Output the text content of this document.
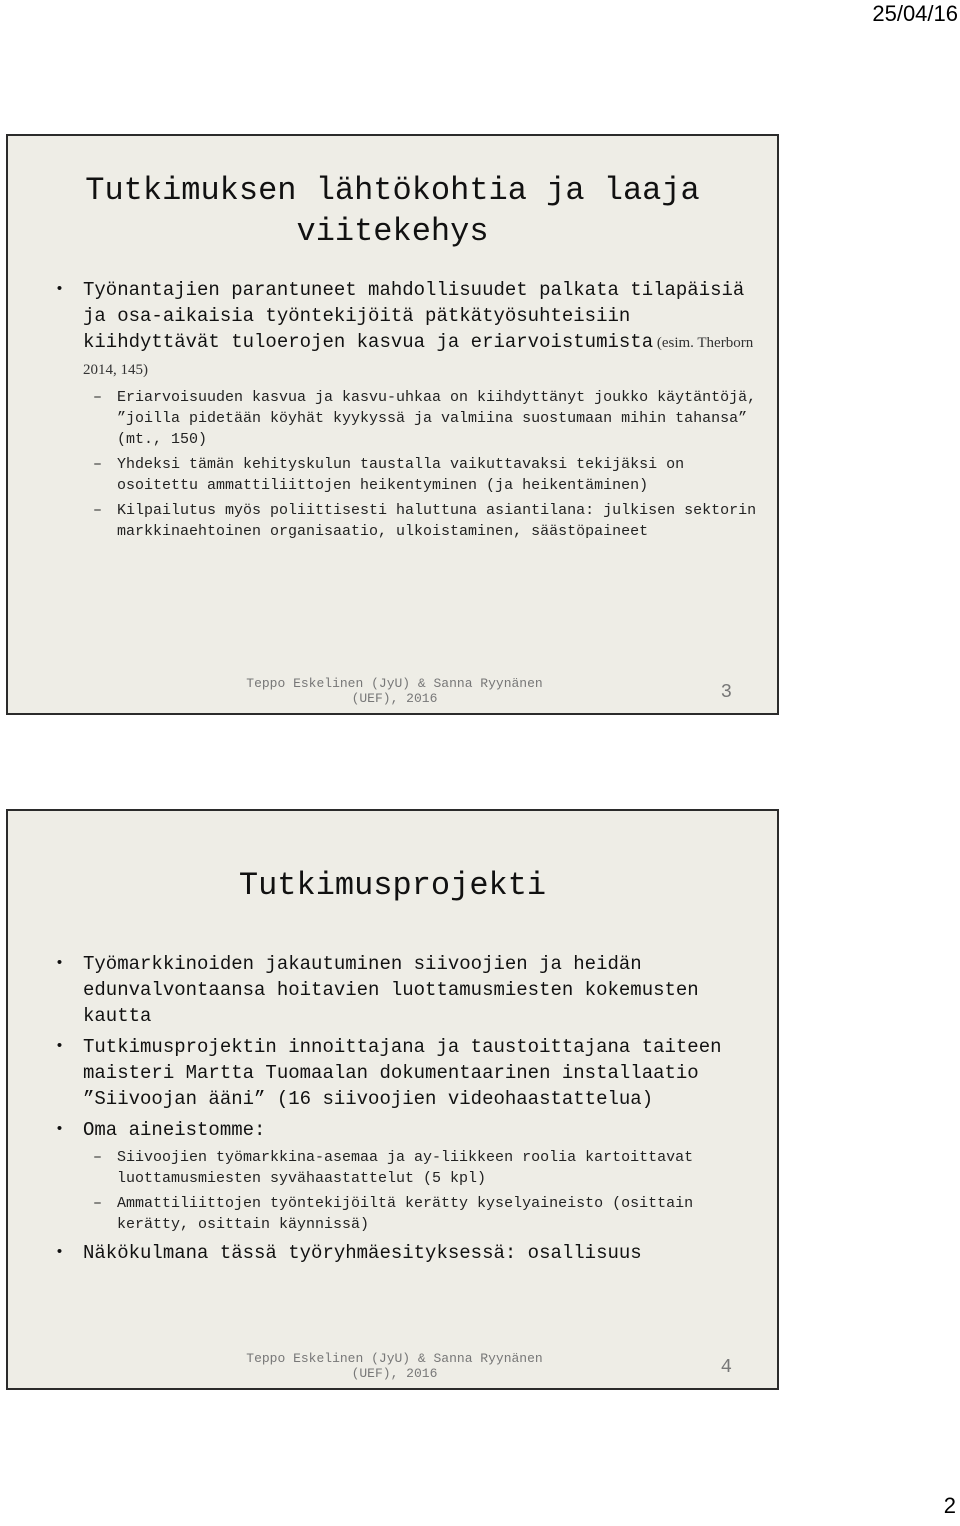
25/04/16
Tutkimuksen lähtökohtia ja laaja viitekehys
• Työnantajien parantuneet mahdollisuudet palkata tilapäisiä ja osa-aikaisia työntekijöitä pätkätyösuhteisiin kiihdyttävät tuloerojen kasvua ja eriarvoistumista (esim. Therborn 2014, 145)
– Eriarvoisuuden kasvua ja kasvu-uhkaa on kiihdyttänyt joukko käytäntöjä, ”joilla pidetään köyhät kyykyssä ja valmiina suostumaan mihin tahansa” (mt., 150)
– Yhdeksi tämän kehityskulun taustalla vaikuttavaksi tekijäksi on osoitettu ammattiliittojen heikentyminen (ja heikentäminen)
– Kilpailutus myös poliittisesti haluttuna asiantilana: julkisen sektorin markkinaehtoinen organisaatio, ulkoistaminen, säästöpaineet
Teppo Eskelinen (JyU) & Sanna Ryynänen
(UEF), 2016	3
Tutkimusprojekti
• Työmarkkinoiden jakautuminen siivoojien ja heidän edunvalvontaansa hoitavien luottamusmiesten kokemusten kautta
• Tutkimusprojektin innoittajana ja taustoittajana taiteen maisteri Martta Tuomaalan dokumentaarinen installaatio ”Siivoojan ääni” (16 siivoojien videohaastattelua)
• Oma aineistomme:
– Siivoojien työmarkkina-asemaa ja ay-liikkeen roolia kartoittavat luottamusmiesten syvähaastattelut (5 kpl)
– Ammattiliittojen työntekijöiltä kerätty kyselyaineisto (osittain kerätty, osittain käynnissä)
• Näkökulmana tässä työryhmäesityksessä: osallisuus
Teppo Eskelinen (JyU) & Sanna Ryynänen
(UEF), 2016	4
2
